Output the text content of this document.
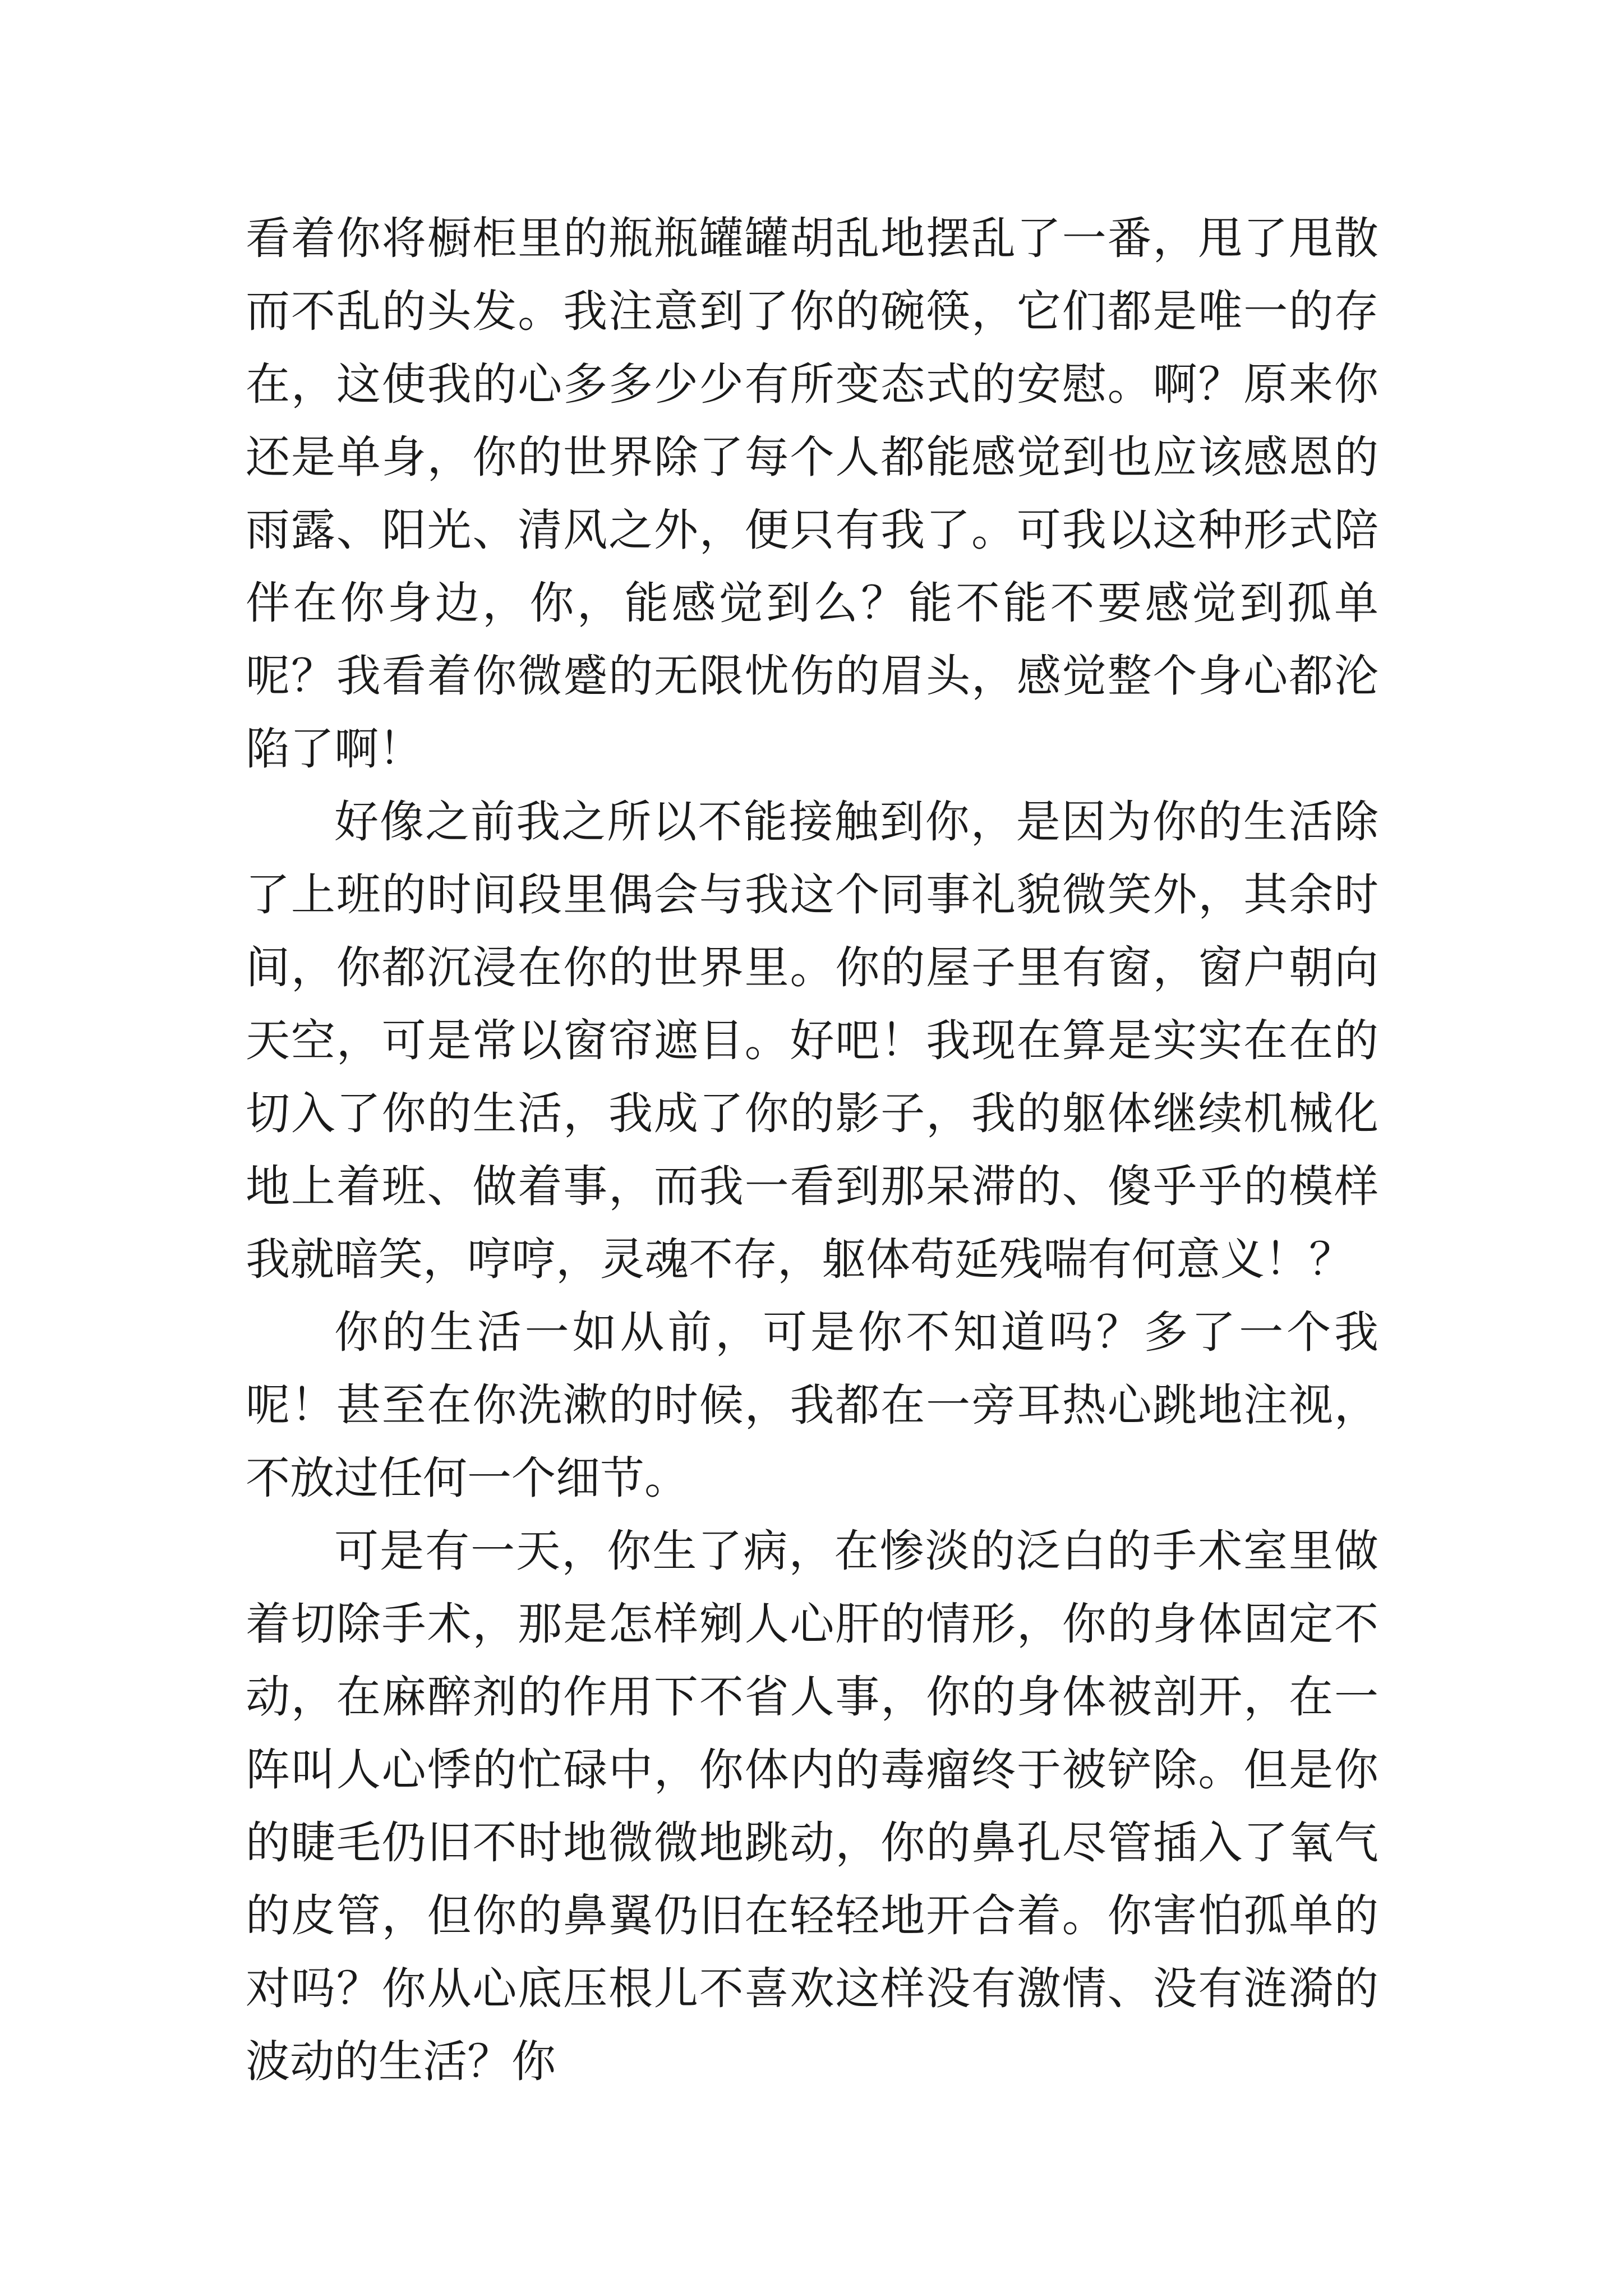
看着你将橱柜里的瓶瓶罐罐胡乱地摆乱了一番，甩了甩散而不乱的头发。我注意到了你的碗筷，它们都是唯一的存在，这使我的心多多少少有所变态式的安慰。啊？原来你还是单身，你的世界除了每个人都能感觉到也应该感恩的雨露、阳光、清风之外，便只有我了。可我以这种形式陪伴在你身边，你，能感觉到么？能不能不要感觉到孤单呢？我看着你微蹙的无限忧伤的眉头，感觉整个身心都沦陷了啊！

好像之前我之所以不能接触到你，是因为你的生活除了上班的时间段里偶会与我这个同事礼貌微笑外，其余时间，你都沉浸在你的世界里。你的屋子里有窗，窗户朝向天空，可是常以窗帘遮目。好吧！我现在算是实实在在的切入了你的生活，我成了你的影子，我的躯体继续机械化地上着班、做着事，而我一看到那呆滞的、傻乎乎的模样我就暗笑，哼哼，灵魂不存，躯体苟延残喘有何意义！？

你的生活一如从前，可是你不知道吗？多了一个我呢！甚至在你洗漱的时候，我都在一旁耳热心跳地注视，不放过任何一个细节。

可是有一天，你生了病，在惨淡的泛白的手术室里做着切除手术，那是怎样剜人心肝的情形，你的身体固定不动，在麻醉剂的作用下不省人事，你的身体被剖开，在一阵叫人心悸的忙碌中，你体内的毒瘤终于被铲除。但是你的睫毛仍旧不时地微微地跳动，你的鼻孔尽管插入了氧气的皮管，但你的鼻翼仍旧在轻轻地开合着。你害怕孤单的对吗？你从心底压根儿不喜欢这样没有激情、没有涟漪的波动的生活？你
